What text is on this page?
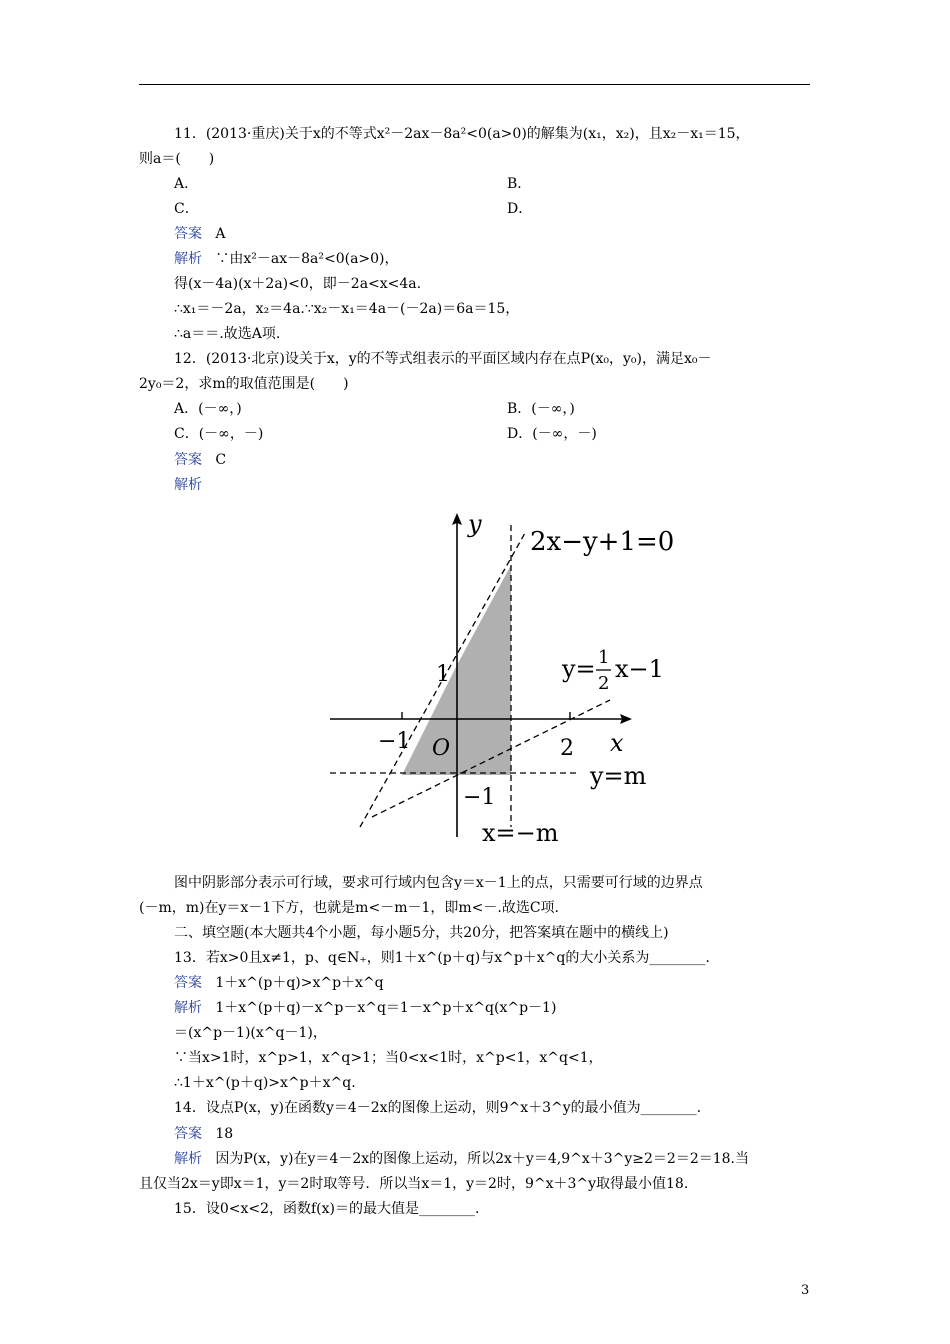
11．(2013·重庆)关于x的不等式x²－2ax－8a²<0(a>0)的解集为(x₁，x₂)，且x₂－x₁＝15，
则a＝(　　)
A．	B．
C．	D．
答案 A
解析 ∵由x²－ax－8a²<0(a>0)，
得(x－4a)(x＋2a)<0，即－2a<x<4a.
∴x₁＝－2a，x₂＝4a.∵x₂－x₁＝4a－(－2a)＝6a＝15，
∴a＝＝.故选A项.
12．(2013·北京)设关于x，y的不等式组表示的平面区域内存在点P(x₀，y₀)，满足x₀－
2y₀＝2，求m的取值范围是(　　)
A．(－∞，)	B．(－∞，)
C．(－∞，－)	D．(－∞，－)
答案 C
解析
y
x
2x−y+1=0
y= 1
2
x−1
y=m
x=−m
1
−1	2
−1
O
图中阴影部分表示可行域，要求可行域内包含y＝x－1上的点，只需要可行域的边界点
(－m，m)在y＝x－1下方，也就是m<－m－1，即m<－.故选C项.
二、填空题(本大题共4个小题，每小题5分，共20分，把答案填在题中的横线上)
13．若x>0且x≠1，p、q∈N₊，则1＋x^(p＋q)与x^p＋x^q的大小关系为________.
答案 1＋x^(p＋q)>x^p＋x^q
解析 1＋x^(p＋q)－x^p－x^q＝1－x^p＋x^q(x^p－1)
＝(x^p－1)(x^q－1)，
∵当x>1时，x^p>1，x^q>1；当0<x<1时，x^p<1，x^q<1，
∴1＋x^(p＋q)>x^p＋x^q.
14．设点P(x，y)在函数y＝4－2x的图像上运动，则9^x＋3^y的最小值为________.
答案 18
解析 因为P(x，y)在y＝4－2x的图像上运动，所以2x＋y＝4,9^x＋3^y≥2＝2＝2＝18.当
且仅当2x＝y即x＝1，y＝2时取等号．所以当x＝1，y＝2时，9^x＋3^y取得最小值18.
15．设0<x<2，函数f(x)＝的最大值是________.
3
